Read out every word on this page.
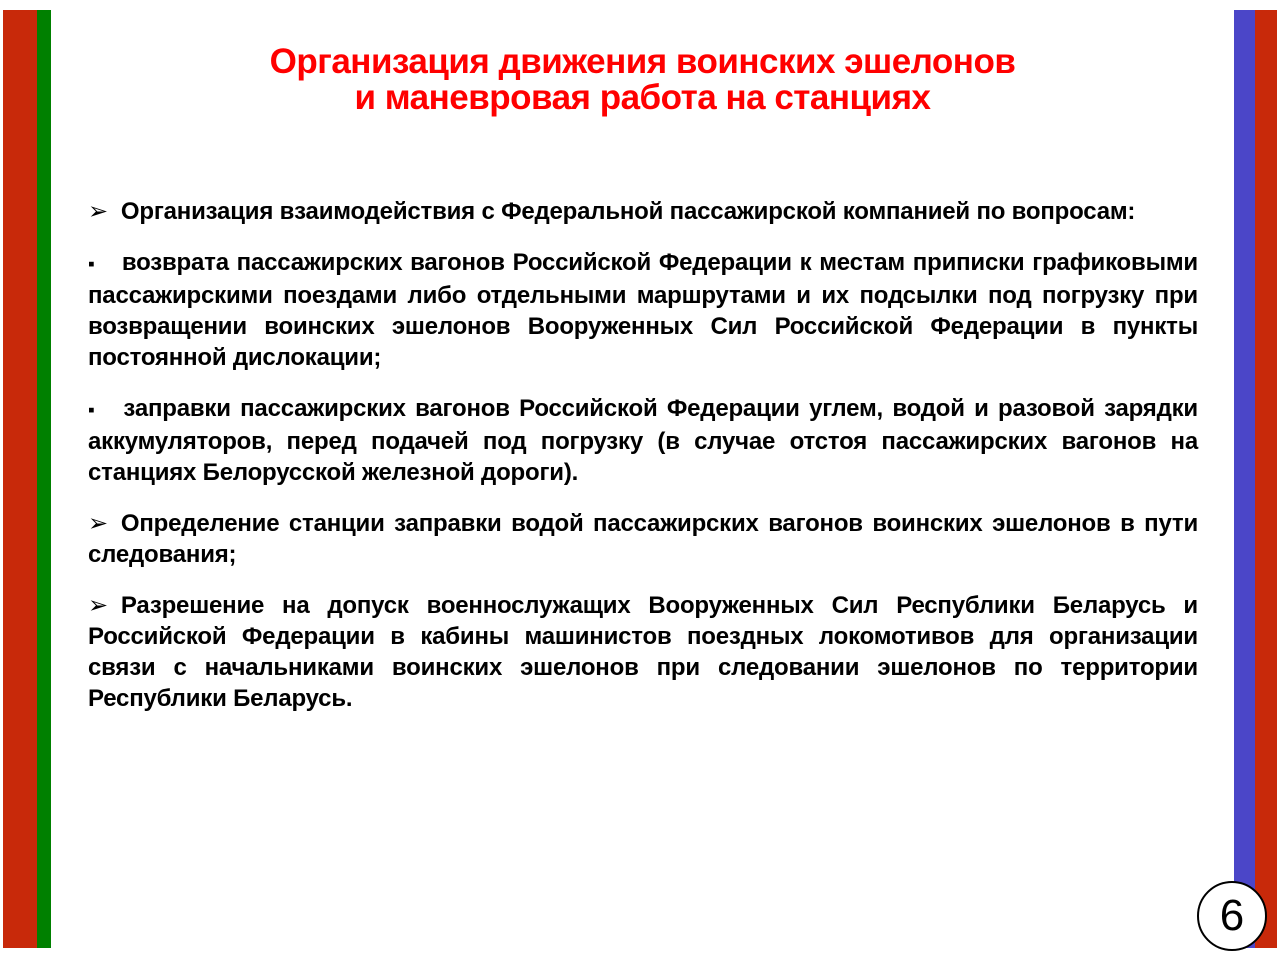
Организация движения воинских эшелонов
и маневровая работа на станциях

➢ Организация взаимодействия с Федеральной пассажирской компанией по вопросам:

▪ возврата пассажирских вагонов Российской Федерации к местам приписки графиковыми пассажирскими поездами либо отдельными маршрутами и их подсылки под погрузку при возвращении воинских эшелонов Вооруженных Сил Российской Федерации в пункты постоянной дислокации;

▪ заправки пассажирских вагонов Российской Федерации углем, водой и разовой зарядки аккумуляторов, перед подачей под погрузку (в случае отстоя пассажирских вагонов на станциях Белорусской железной дороги).

➢ Определение станции заправки водой пассажирских вагонов воинских эшелонов в пути следования;

➢ Разрешение на допуск военнослужащих Вооруженных Сил Республики Беларусь и Российской Федерации в кабины машинистов поездных локомотивов для организации связи с начальниками воинских эшелонов при следовании эшелонов по территории Республики Беларусь.

6
